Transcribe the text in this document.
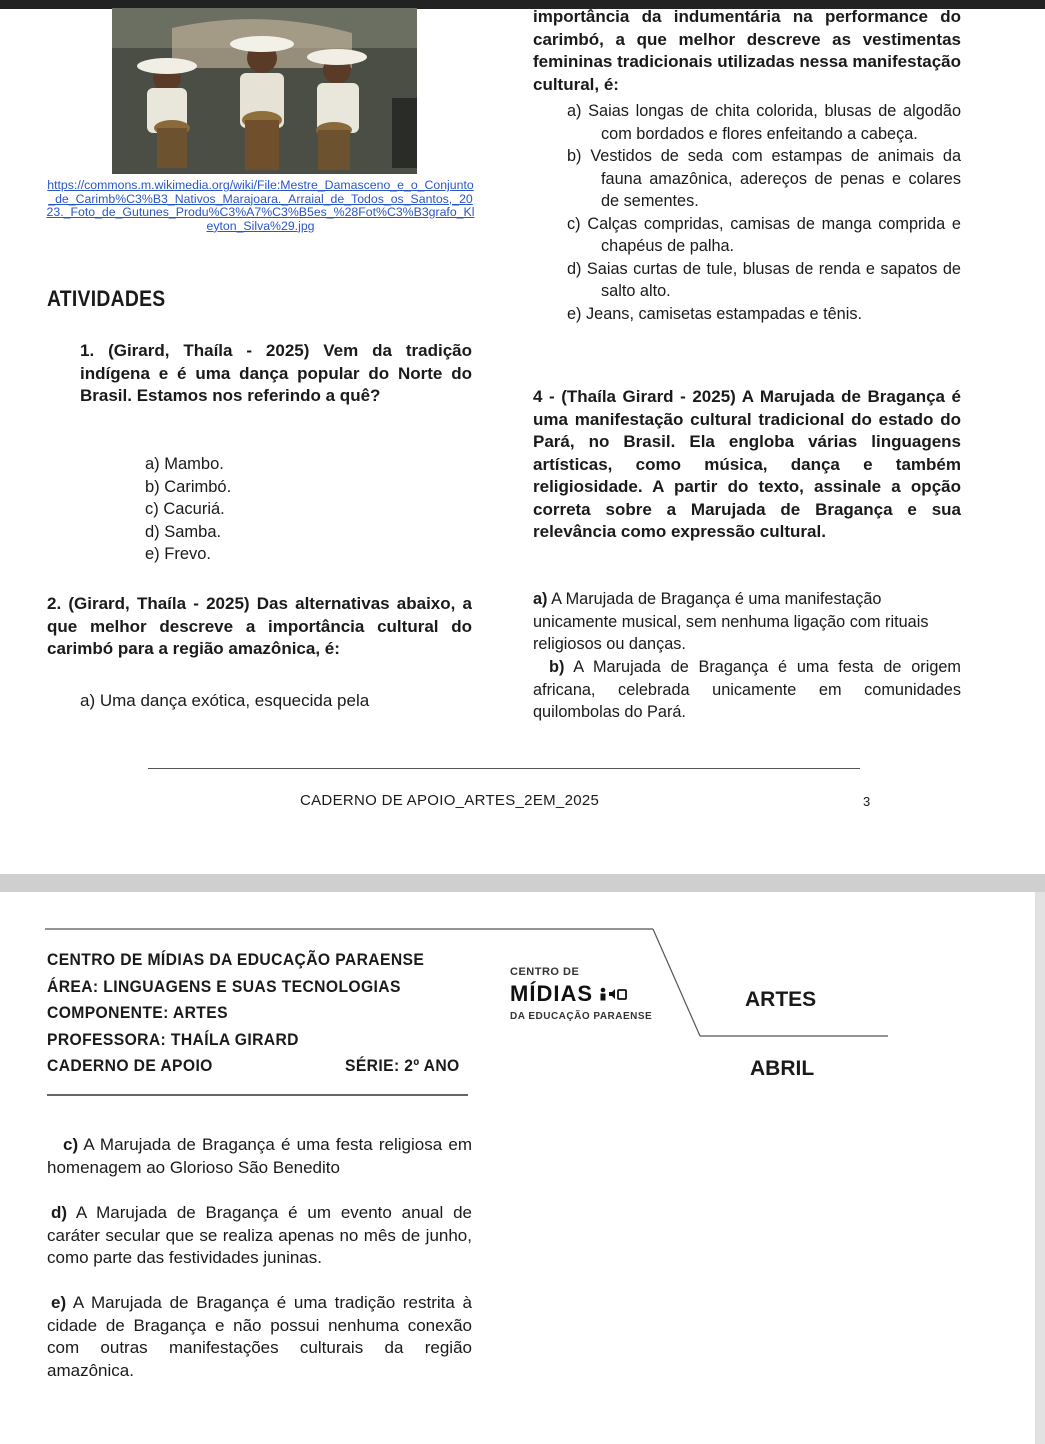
https://commons.m.wikimedia.org/wiki/File:Mestre_Damasceno_e_o_Conjunto_de_Carimb%C3%B3_Nativos_Marajoara._Arraial_de_Todos_os_Santos,_2023._Foto_de_Gutunes_Produ%C3%A7%C3%B5es_%28Fot%C3%B3grafo_Kleyton_Silva%29.jpg
ATIVIDADES
1. (Girard, Thaíla - 2025) Vem da tradição indígena e é uma dança popular do Norte do Brasil. Estamos nos referindo a quê?
a) Mambo.
b) Carimbó.
c) Cacuriá.
d) Samba.
e) Frevo.
2. (Girard, Thaíla - 2025) Das alternativas abaixo, a que melhor descreve a importância cultural do carimbó para a região amazônica, é:
a) Uma dança exótica, esquecida pela
importância da indumentária na performance do carimbó, a que melhor descreve as vestimentas femininas tradicionais utilizadas nessa manifestação cultural, é:
a) Saias longas de chita colorida, blusas de algodão com bordados e flores enfeitando a cabeça.
b) Vestidos de seda com estampas de animais da fauna amazônica, adereços de penas e colares de sementes.
c) Calças compridas, camisas de manga comprida e chapéus de palha.
d) Saias curtas de tule, blusas de renda e sapatos de salto alto.
e) Jeans, camisetas estampadas e tênis.
4 - (Thaíla Girard - 2025) A Marujada de Bragança é uma manifestação cultural tradicional do estado do Pará, no Brasil. Ela engloba várias linguagens artísticas, como música, dança e também religiosidade. A partir do texto, assinale a opção correta sobre a Marujada de Bragança e sua relevância como expressão cultural.
a) A Marujada de Bragança é uma manifestação unicamente musical, sem nenhuma ligação com rituais religiosos ou danças.
b) A Marujada de Bragança é uma festa de origem africana, celebrada unicamente em comunidades quilombolas do Pará.
CADERNO DE APOIO_ARTES_2EM_2025	3
CENTRO DE MÍDIAS DA EDUCAÇÃO PARAENSE
ÁREA: LINGUAGENS E SUAS TECNOLOGIAS
COMPONENTE: ARTES
PROFESSORA: THAÍLA GIRARD
CADERNO DE APOIO	SÉRIE: 2º ANO
CENTRO DE
MÍDIAS
DA EDUCAÇÃO PARAENSE
ARTES
ABRIL
c) A Marujada de Bragança é uma festa religiosa em homenagem ao Glorioso São Benedito
d) A Marujada de Bragança é um evento anual de caráter secular que se realiza apenas no mês de junho, como parte das festividades juninas.
e) A Marujada de Bragança é uma tradição restrita à cidade de Bragança e não possui nenhuma conexão com outras manifestações culturais da região amazônica.
